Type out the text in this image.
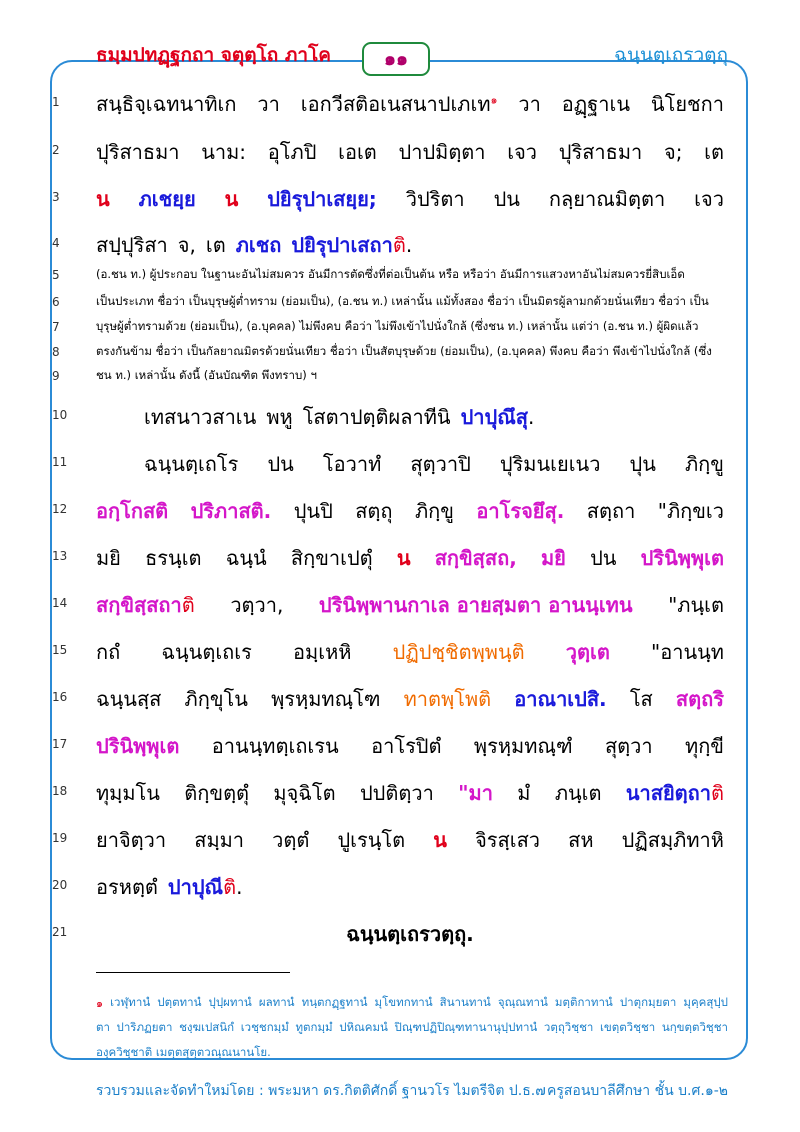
ธมฺมปทฏฺฐกถา จตุตฺโถ ภาโค	๑๑	ฉนฺนตฺเถรวตฺถุ
1
2
3
4
5
6
7
8
9
10
11
12
13
14
15
16
17
18
19
20
21
สนฺธิจฺเฉทนาทิเก วา เอกวีสติอเนสนาปเภเท$^๑$ วา อฏฺฐาเน นิโยชกา
ปุริสาธมา นาม: อุโภปิ เอเต ปาปมิตฺตา เจว ปุริสาธมา จ; เต
น ภเชยฺย น ปยิรุปาเสยฺย; วิปริตา ปน กลฺยาณมิตฺตา เจว
สปฺปุริสา จ, เต ภเชถ ปยิรุปาเสถาติ.
(อ.ชน ท.) ผู้ประกอบ ในฐานะอันไม่สมควร อันมีการตัดซึ่งที่ต่อเป็นต้น หรือ หรือว่า อันมีการแสวงหาอันไม่สมควรยี่สิบเอ็ด
เป็นประเภท ชื่อว่า เป็นบุรุษผู้ต่ำทราม (ย่อมเป็น), (อ.ชน ท.) เหล่านั้น แม้ทั้งสอง ชื่อว่า เป็นมิตรผู้ลามกด้วยนั่นเทียว ชื่อว่า เป็น
บุรุษผู้ต่ำทรามด้วย (ย่อมเป็น), (อ.บุคคล) ไม่พึงคบ คือว่า ไม่พึงเข้าไปนั่งใกล้ (ซึ่งชน ท.) เหล่านั้น แต่ว่า (อ.ชน ท.) ผู้ผิดแล้ว
ตรงกันข้าม ชื่อว่า เป็นกัลยาณมิตรด้วยนั่นเทียว ชื่อว่า เป็นสัตบุรุษด้วย (ย่อมเป็น), (อ.บุคคล) พึงคบ คือว่า พึงเข้าไปนั่งใกล้ (ซึ่ง
ชน ท.) เหล่านั้น ดังนี้ (อันบัณฑิต พึงทราบ) ฯ
เทสนาวสาเน พหู โสตาปตฺติผลาทีนิ ปาปุณึสุ.
ฉนฺนตฺเถโร ปน โอวาทํ สุตฺวาปิ ปุริมนเยเนว ปุน ภิกฺขู
อกฺโกสติ ปริภาสติ. ปุนปิ สตฺถุ ภิกฺขู อาโรจยึสุ. สตฺถา "ภิกฺขเว
มยิ ธรนฺเต ฉนฺนํ สิกฺขาเปตุํ น สกฺขิสฺสถ, มยิ ปน ปรินิพฺพุเต
สกฺขิสฺสถาติ วตฺวา, ปรินิพฺพานกาเล อายสฺมตา อานนฺเทน "ภนฺเต
กถํ ฉนฺนตฺเถเร อมฺเหหิ ปฏิปชฺชิตพฺพนฺติ วุตฺเต "อานนฺท
ฉนฺนสฺส ภิกฺขุโน พฺรหฺมทณฺโฑ ทาตพฺโพติ อาณาเปสิ. โส สตฺถริ
ปรินิพฺพุเต อานนฺทตฺเถเรน อาโรปิตํ พฺรหฺมทณฺฑํ สุตฺวา ทุกฺขี
ทุมฺมโน ติกฺขตฺตุํ มุจฺฉิโต ปปติตฺวา "มา มํ ภนฺเต นาสยิตฺถาติ
ยาจิตฺวา สมฺมา วตฺตํ ปูเรนฺโต น จิรสฺเสว สห ปฏิสมฺภิทาหิ
อรหตฺตํ ปาปุณีติ.
ฉนฺนตฺเถรวตฺถุ.
$^๑$ เวฬุทานํ ปตฺตทานํ ปุปฺผทานํ ผลทานํ ทนฺตกฏฺฐทานํ มุโขทกทานํ สินานทานํ จุณฺณทานํ มตฺติกาทานํ ปาตุกมฺยตา มุคฺคสุปฺป
ตา ปาริภฏยตา ชงฺฆเปสนิกํ เวชฺชกมฺมํ ทูตกมฺมํ ปหิณคมนํ ปิณฺฑปฏิปิณฺฑทานานุปฺปทานํ วตฺถุวิชฺชา เขตฺตวิชฺชา นกฺขตฺตวิชฺชา
องฺควิชฺชาติ เมตฺตสุตฺตวณฺณนานโย.
รวบรวมและจัดทำใหม่โดย : พระมหา ดร.กิตติศักดิ์ ฐานวโร ไมตรีจิต ป.ธ.๗ ครูสอนบาลีศึกษา ชั้น บ.ศ.๑-๒
